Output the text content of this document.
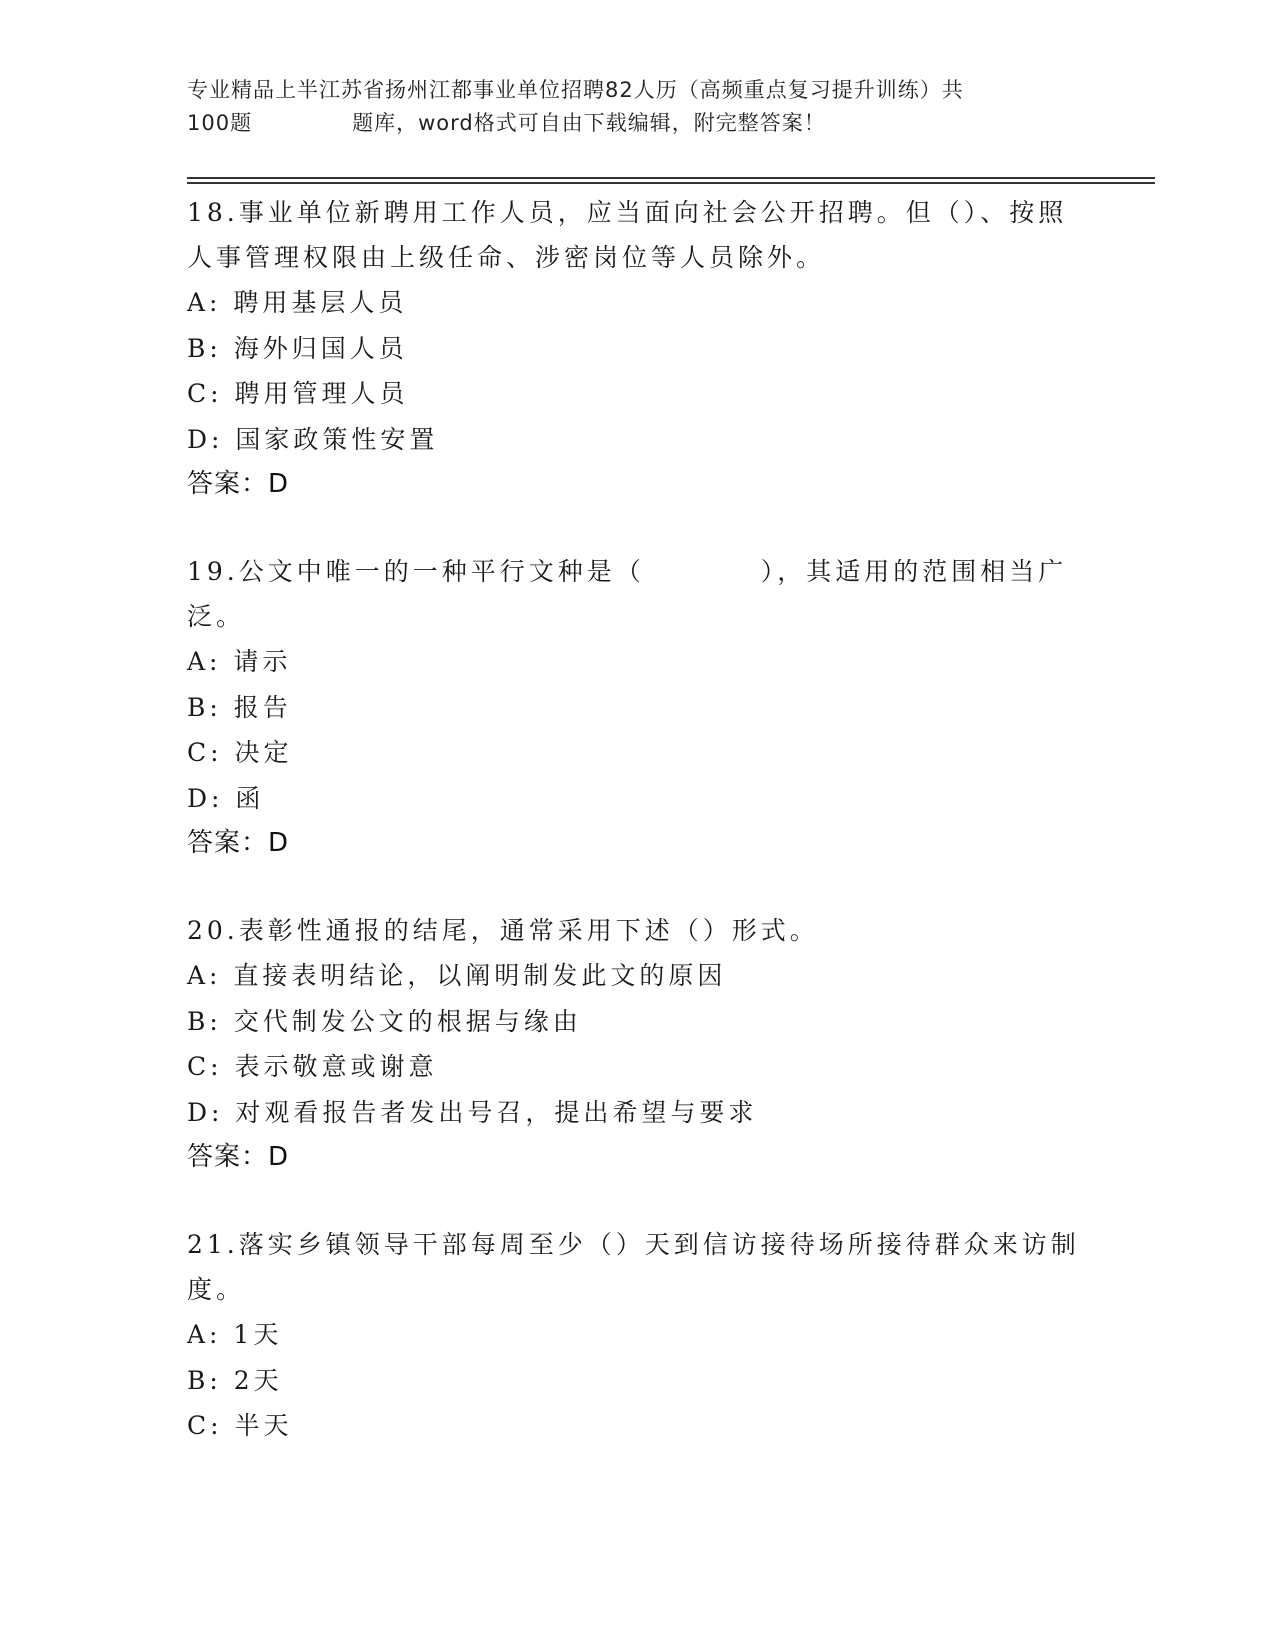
专业精品上半江苏省扬州江都事业单位招聘82人历（高频重点复习提升训练）共
100题	题库，word格式可自由下载编辑，附完整答案！

18.事业单位新聘用工作人员，应当面向社会公开招聘。但（）、按照

人事管理权限由上级任命、涉密岗位等人员除外。

A: 聘用基层人员

B: 海外归国人员

C: 聘用管理人员

D: 国家政策性安置

答案：D

19.公文中唯一的一种平行文种是（　　　　），其适用的范围相当广

泛。

A: 请示

B: 报告

C: 决定

D: 函

答案：D

20.表彰性通报的结尾，通常采用下述（）形式。

A: 直接表明结论，以阐明制发此文的原因

B: 交代制发公文的根据与缘由

C: 表示敬意或谢意

D: 对观看报告者发出号召，提出希望与要求

答案：D

21.落实乡镇领导干部每周至少（）天到信访接待场所接待群众来访制

度。

A: 1天

B: 2天

C: 半天
